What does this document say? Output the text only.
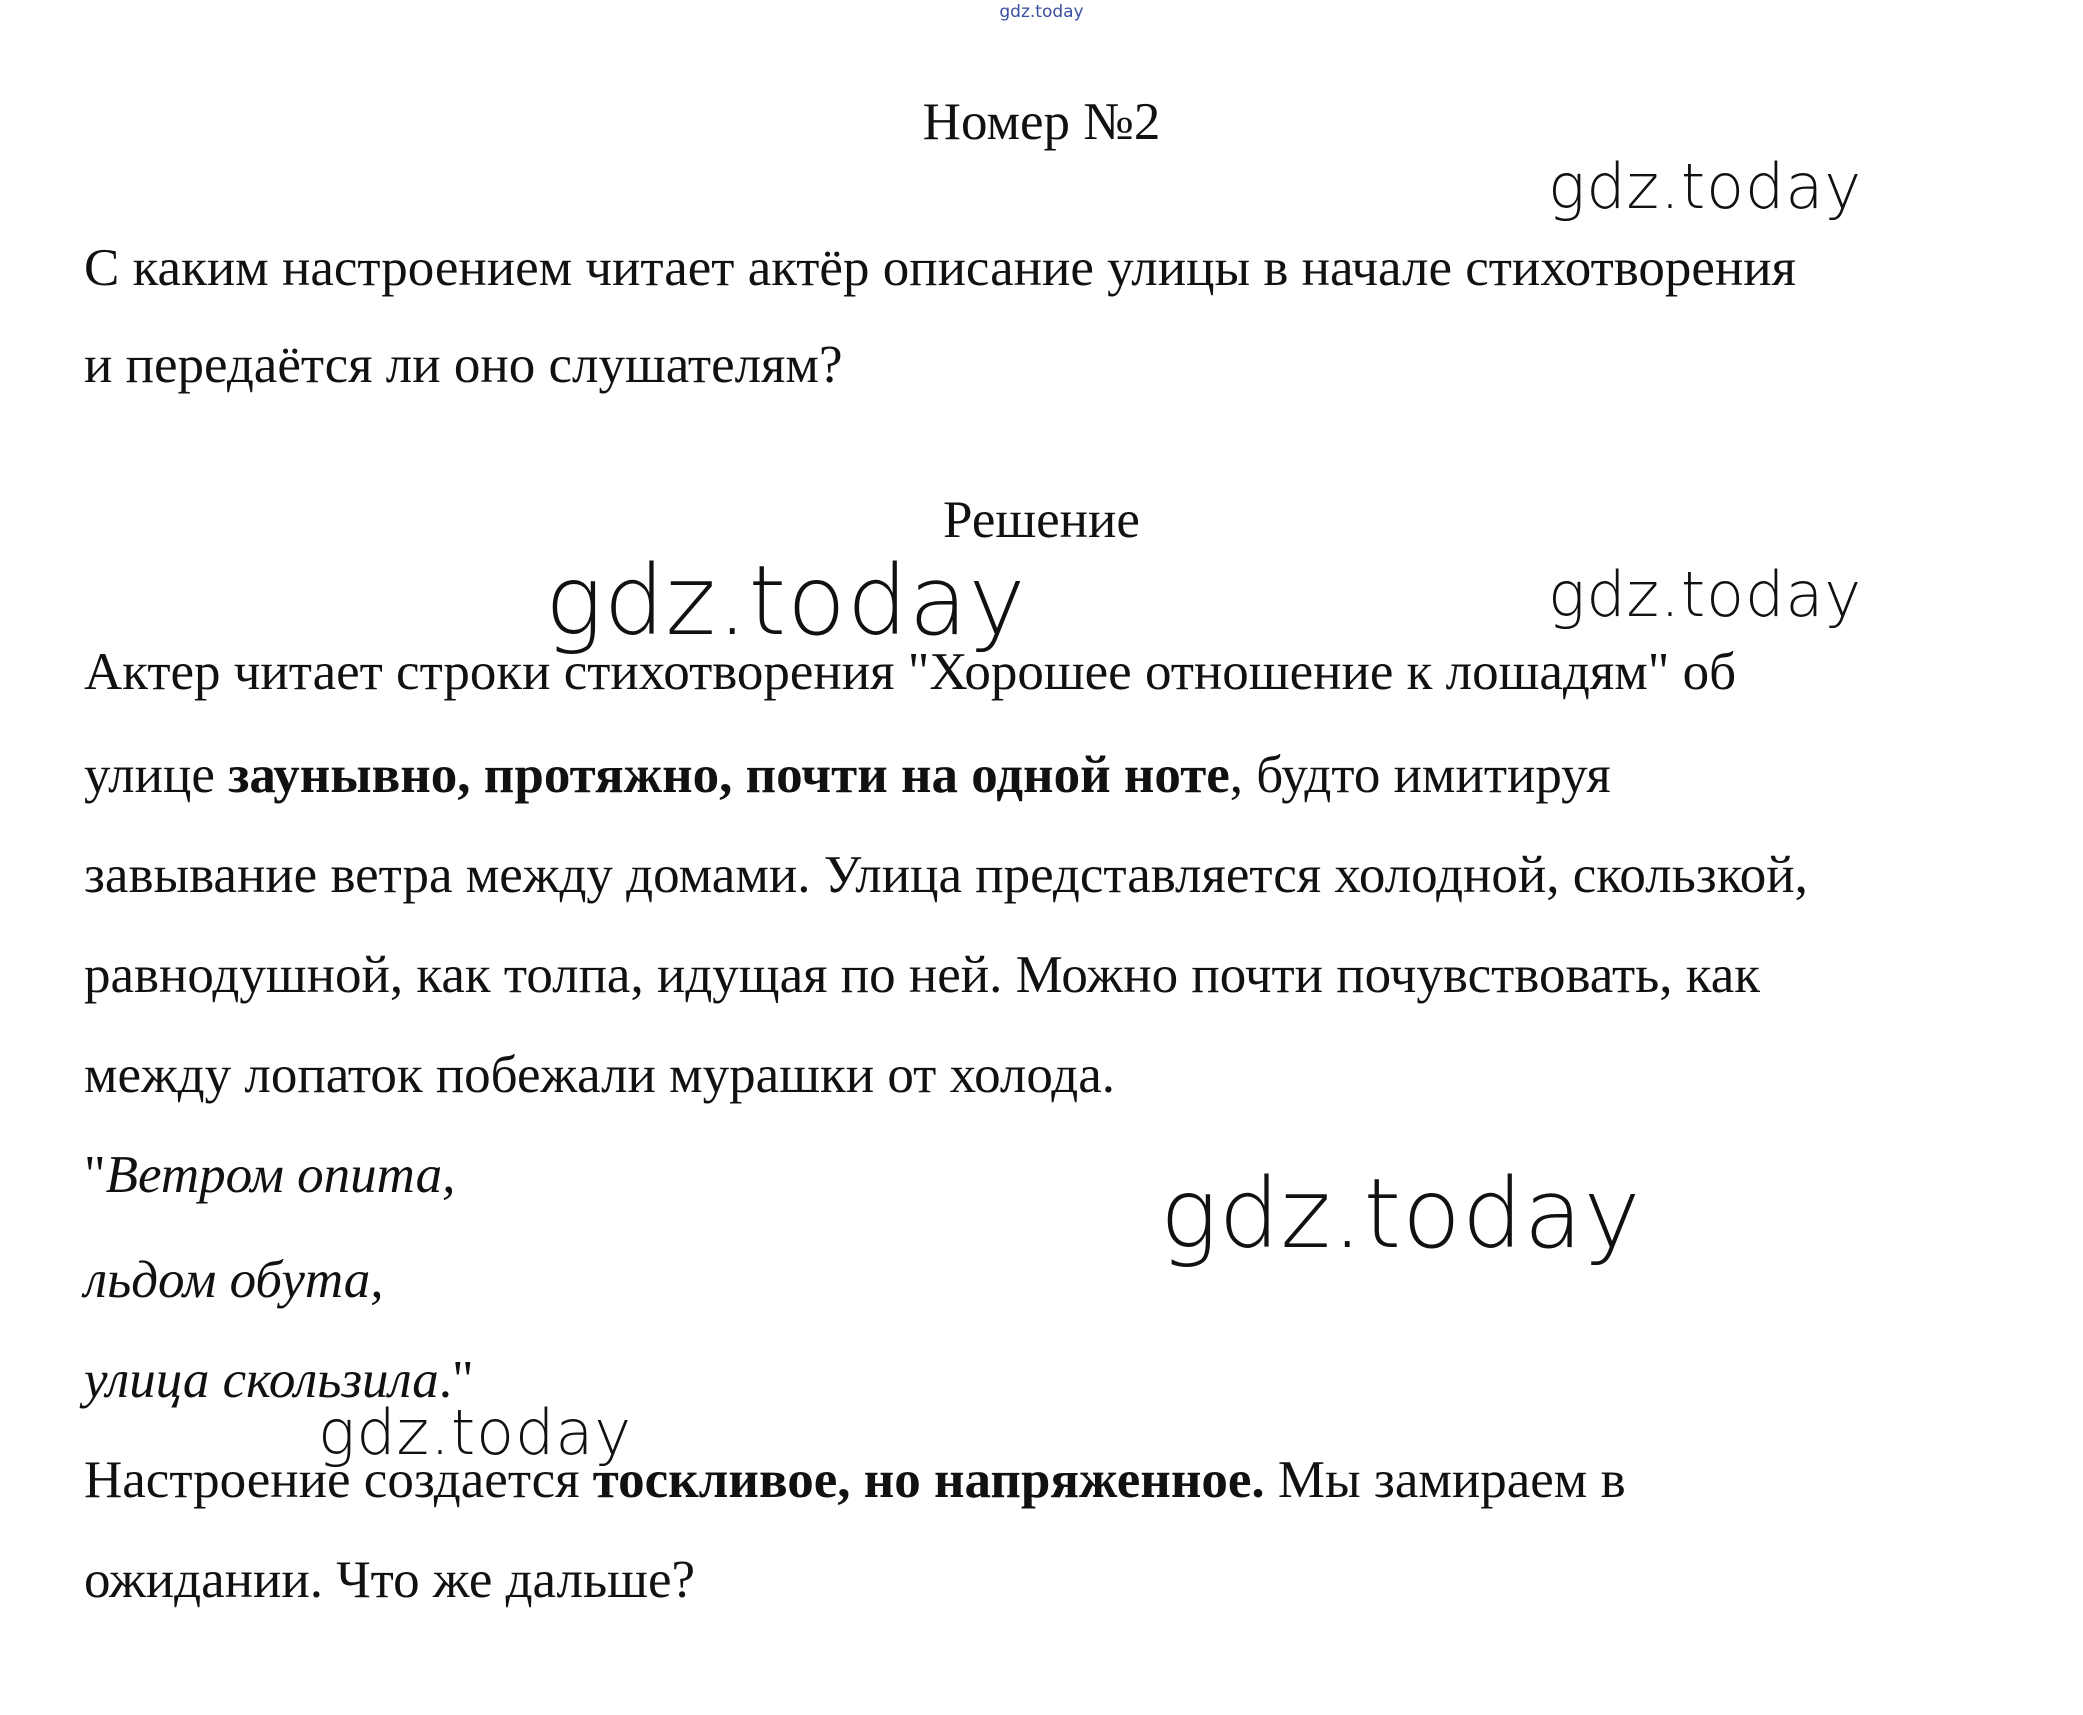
gdz.today
Номер №2
gdz.today
С каким настроением читает актёр описание улицы в начале стихотворения
и передаётся ли оно слушателям?
Решение
gdz.today	gdz.today
Актер читает строки стихотворения "Хорошее отношение к лошадям" об
улице заунывно, протяжно, почти на одной ноте, будто имитируя
завывание ветра между домами. Улица представляется холодной, скользкой,
равнодушной, как толпа, идущая по ней. Можно почти почувствовать, как
между лопаток побежали мурашки от холода.
"Ветром опита,
льдом обута,
улица скользила."
gdz.today
gdz.today
Настроение создается тоскливое, но напряженное. Мы замираем в
ожидании. Что же дальше?
